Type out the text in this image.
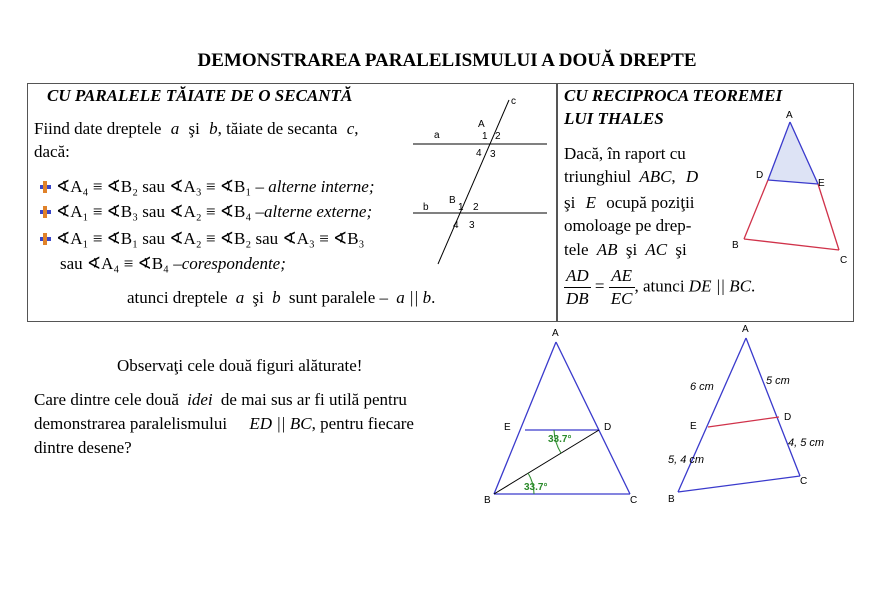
DEMONSTRAREA PARALELISMULUI A DOUĂ DREPTE
CU PARALELE TĂIATE DE O SECANTĂ
Fiind date dreptele a şi b, tăiate de secanta c,
dacă:
∢A₄ ≡ ∢B₂ sau ∢A₃ ≡ ∢B₁ – alterne interne;
∢A₁ ≡ ∢B₃ sau ∢A₂ ≡ ∢B₄ –alterne externe;
∢A₁ ≡ ∢B₁ sau ∢A₂ ≡ ∢B₂ sau ∢A₃ ≡ ∢B₃
sau ∢A₄ ≡ ∢B₄ –corespondente;
atunci dreptele a şi b sunt paralele – a || b.
c
a
A
1 2
4 3
B
b	1 2
4 3
CU RECIPROCA TEOREMEI
LUI THALES
Dacă, în raport cu
triunghiul ABC, D
şi E ocupă poziţii
omoloage pe drep-
tele AB şi AC şi
$\frac{AD}{DB} = \frac{AE}{EC}$ , atunci DE || BC.
A
D
E
B
C
Observaţi cele două figuri alăturate!
Care dintre cele două idei de mai sus ar fi utilă pentru
demonstrarea paralelismului ED || BC, pentru fiecare
dintre desene?	33.7°
33.7°
A
E	D
B	C
A
E
D
B
C
6 cm	5 cm
4, 5 cm
5, 4 cm
